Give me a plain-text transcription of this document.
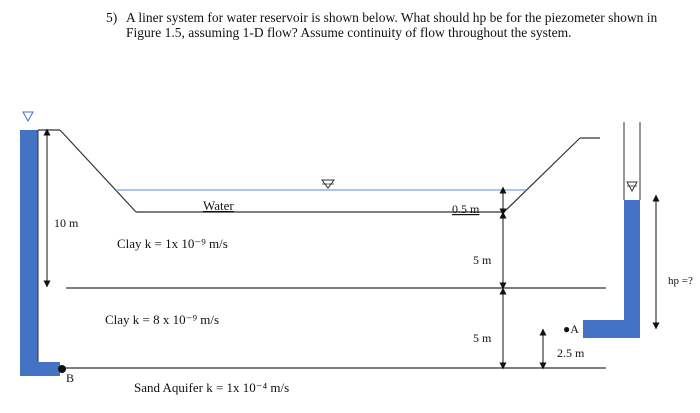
5) A liner system for water reservoir is shown below. What should hp be for the piezometer shown in Figure 1.5, assuming 1-D flow? Assume continuity of flow throughout the system.
10 m
Water	0.5 m
Clay k = 1x 10⁻⁹ m/s
5 m
Clay k = 8 x 10⁻⁹ m/s
5 m
●A
2.5 m
B
Sand Aquifer k = 1x 10⁻⁴ m/s
hp =?
